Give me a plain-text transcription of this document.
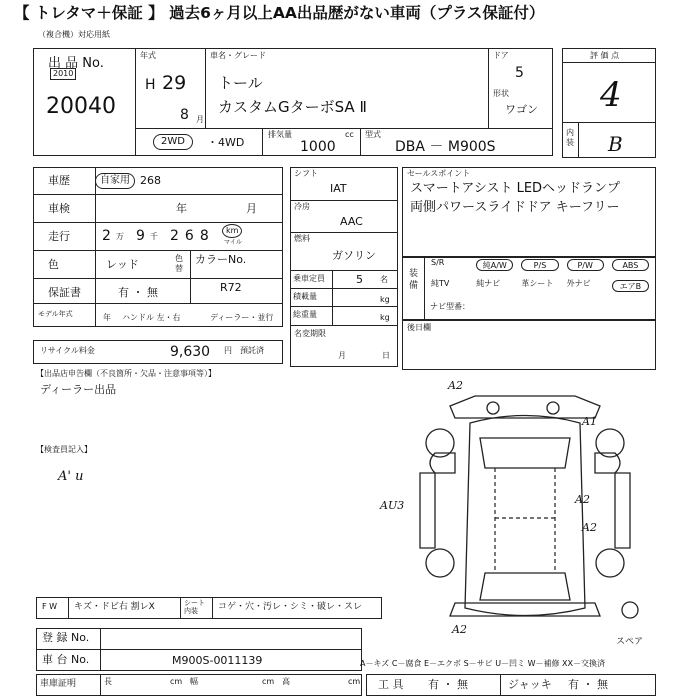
【 トレタマ＋保証 】 過去6ヶ月以上AA出品歴がない車両（プラス保証付）
（複合機）対応用紙
出 品 No.
2010
20040
年式
H 29
8 月
車名・グレード
トール
カスタムGターボSA Ⅱ
ドア
5
形状
ワゴン
2WD	・4WD
排気量	cc
1000
型式
DBA － M900S
評 価 点
4
内装 B
車歴	自家用 268
車検	年	月
走行 2 万 9 千 268 km
マイル
色	レッド	色替
カラーNo.
R72
保証書	有 ・ 無
モデル年式	年 ハンドル 左・右	ディーラー・並行
リサイクル料金	9,630 円 預託済
シフト
IAT
冷房
AAC
燃料
ガソリン
乗車定員	5 名
積載量	kg
総重量	kg
名変期限
月	日
セールスポイント
スマートアシスト LEDヘッドランプ
両側パワースライドドア キーフリー
装備
S/R	純A/W	P/S	P/W	ABS
純TV	純ナビ	革シート 外ナビ	エアB
ナビ型番：
後日欄
【出品店申告欄（不良箇所・欠品・注意事項等）】
ディーラー出品
【検査員記入】
A' u
A2
A1
AU3	A2
A2
A2
スペア
F W キズ・ドビ右 割レX	シート内装	コゲ・穴・汚レ・シミ・破レ・スレ
登 録 No.
車 台 No.	M900S-0011139
車庫証明	長	cm 幅	cm 高	cm
A－キズ C－腐食 E－エクボ S－サビ U－凹ミ W－補修 XX－交換済
工 具 有 ・ 無	ジャッキ 有 ・ 無
